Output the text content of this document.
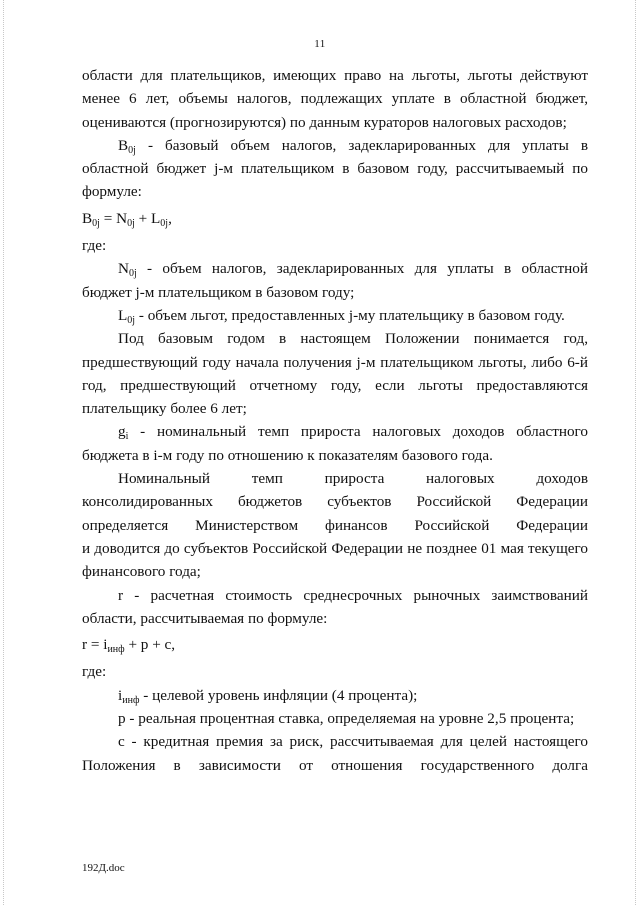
11

области для плательщиков, имеющих право на льготы, льготы действуют менее 6 лет, объемы налогов, подлежащих уплате в областной бюджет, оцениваются (прогнозируются) по данным кураторов налоговых расходов;

$B_{0j}$ - базовый объем налогов, задекларированных для уплаты в областной бюджет j-м плательщиком в базовом году, рассчитываемый по формуле:

$B_{0j} = N_{0j} + L_{0j}$,

где:

$N_{0j}$ - объем налогов, задекларированных для уплаты в областной бюджет j-м плательщиком в базовом году;

$L_{0j}$ - объем льгот, предоставленных j-му плательщику в базовом году.

Под базовым годом в настоящем Положении понимается год, предшествующий году начала получения j-м плательщиком льготы, либо 6-й год, предшествующий отчетному году, если льготы предоставляются плательщику более 6 лет;

$g_i$ - номинальный темп прироста налоговых доходов областного бюджета в i-м году по отношению к показателям базового года.

Номинальный темп прироста налоговых доходов

консолидированных бюджетов субъектов Российской Федерации

определяется Министерством финансов Российской Федерации

и доводится до субъектов Российской Федерации не позднее 01 мая текущего финансового года;

r - расчетная стоимость среднесрочных рыночных заимствований области, рассчитываемая по формуле:

$r = i_{инф} + p + c$,

где:

$i_{инф}$ - целевой уровень инфляции (4 процента);

р - реальная процентная ставка, определяемая на уровне 2,5 процента;

с - кредитная премия за риск, рассчитываемая для целей настоящего

Положения в зависимости от отношения государственного долга

192Д.doc
